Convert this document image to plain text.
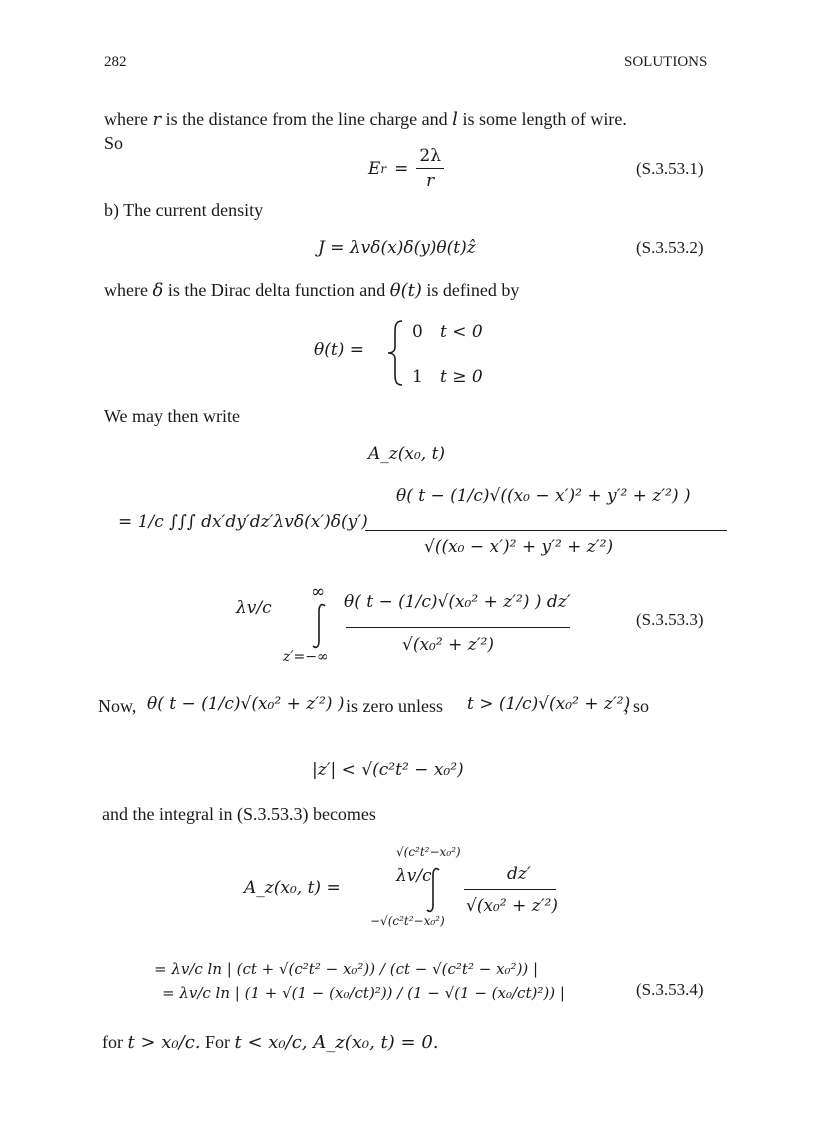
282	SOLUTIONS
where r is the distance from the line charge and l is some length of wire.
So
E $r = \frac{2\lambda}{r}$	(S.3.53.1)
b) The current density
J = λvδ(x)δ(y)θ(t)ẑ	(S.3.53.2)
where δ is the Dirac delta function and θ(t) is defined by
θ(t) =
0 t < 0
1 t ≥ 0
We may then write
A_z(x₀, t)
= 1/c ∫∫∫ dx′dy′dz′λvδ(x′)δ(y′)
θ( t − (1/c)√((x₀ − x′)² + y′² + z′²) )
√((x₀ − x′)² + y′² + z′²)
λv/c
∞
z′=−∞
θ( t − (1/c)√(x₀² + z′²) ) dz′
√(x₀² + z′²)
(S.3.53.3)
Now, θ( t − (1/c)√(x₀² + z′²) ) is zero unless t > (1/c)√(x₀² + z′²)
, so
|z′| < √(c²t² − x₀²)
and the integral in (S.3.53.3) becomes
A_z(x₀, t) =
λv/c
√(c²t²−x₀²)
−√(c²t²−x₀²)
dz′
√(x₀² + z′²)
= λv/c ln | (ct + √(c²t² − x₀²)) / (ct − √(c²t² − x₀²)) |
= λv/c ln | (1 + √(1 − (x₀/ct)²)) / (1 − √(1 − (x₀/ct)²)) |	(S.3.53.4)
for t > x₀/c. For t < x₀/c, A_z(x₀, t) = 0.
